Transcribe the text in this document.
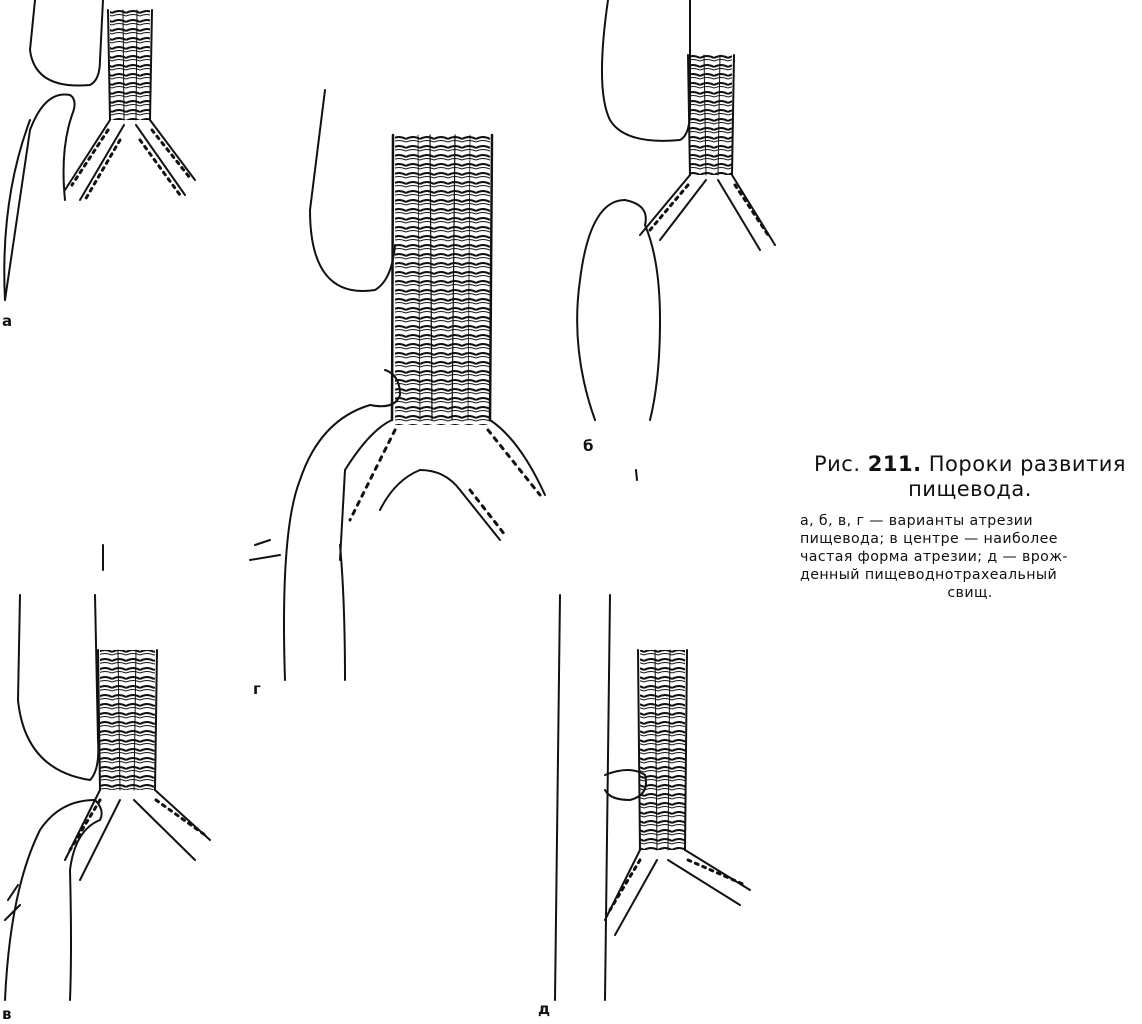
а
б
в
г
д
Рис. 211. Пороки развития
пищевода.
а, б, в, г — варианты атрезии
пищевода; в центре — наиболее
частая форма атрезии; д — врож-
денный пищеводнотрахеальный
свищ.
